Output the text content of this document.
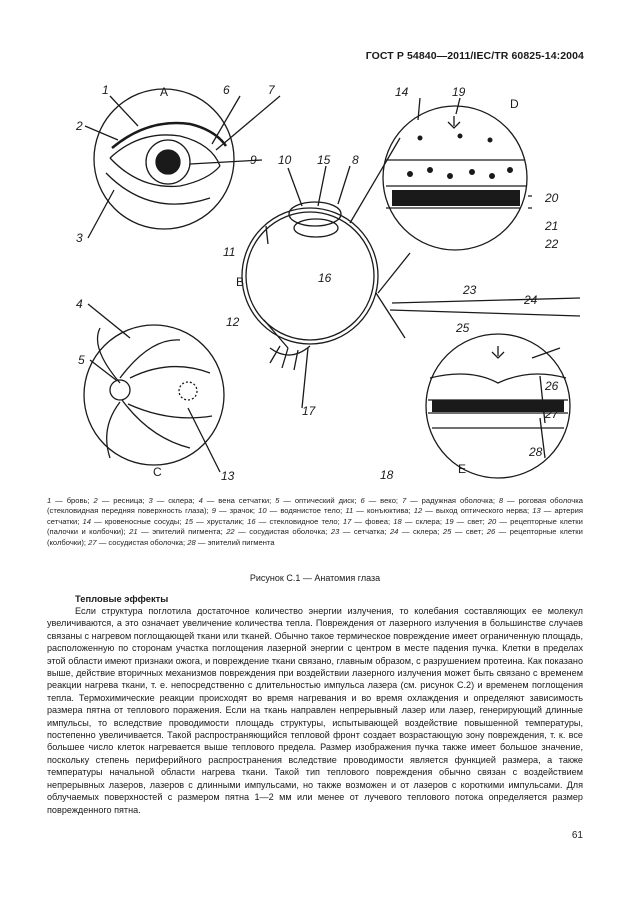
ГОСТ Р 54840—2011/IEC/TR 60825-14:2004
A
B
C
D
E
1
2
3
4
5
6	7
8
9 10
11
12
13
14
15
16
17
18
19
20
21
22
23
24
25
26
27
28
1 — бровь; 2 — ресница; 3 — склера; 4 — вена сетчатки; 5 — оптический диск; 6 — веко; 7 — радужная оболочка; 8 — роговая оболочка (стекловидная передняя поверхность глаза); 9 — зрачок; 10 — водянистое тело; 11 — конъюктива; 12 — выход оптического нерва; 13 — артерия сетчатки; 14 — кровеносные сосуды; 15 — хрусталик; 16 — стекловидное тело; 17 — фовеа; 18 — склера; 19 — свет; 20 — рецепторные клетки (палочки и колбочки); 21 — эпителий пигмента; 22 — сосудистая оболочка; 23 — сетчатка; 24 — склера; 25 — свет; 26 — рецепторные клетки (колбочки); 27 — сосудистая оболочка; 28 — эпителий пигмента
Рисунок С.1 — Анатомия глаза
Тепловые эффекты
Если структура поглотила достаточное количество энергии излучения, то колебания составляющих ее молекул увеличиваются, а это означает увеличение количества тепла. Повреждения от лазерного излучения в большинстве случаев связаны с нагревом поглощающей ткани или тканей. Обычно такое термическое повреждение имеет ограниченную площадь, расположенную по сторонам участка поглощения лазерной энергии с центром в месте падения пучка. Клетки в пределах этой области имеют признаки ожога, и повреждение ткани связано, главным образом, с разрушением протеина. Как показано выше, действие вторичных механизмов повреждения при воздействии лазерного излучения может быть связано с временем реакции нагрева ткани, т. е. непосредственно с длительностью импульса лазера (см. рисунок С.2) и временем поглощения тепла. Термохимические реакции происходят во время нагревания и во время охлаждения и определяют зависимость размера пятна от теплового поражения. Если на ткань направлен непрерывный лазер или лазер, генерирующий длинные импульсы, то вследствие проводимости площадь структуры, испытывающей воздействие повышенной температуры, постепенно увеличивается. Такой распространяющийся тепловой фронт создает возрастающую зону повреждения, т. к. все большее число клеток нагревается выше теплового предела. Размер изображения пучка также имеет большое значение, поскольку степень периферийного распространения вследствие проводимости является функцией размера, а также температуры начальной области нагрева ткани. Такой тип теплового повреждения обычно связан с воздействием непрерывных лазеров, лазеров с длинными импульсами, но также возможен и от лазеров с короткими импульсами. Для облучаемых поверхностей с размером пятна 1—2 мм или менее от лучевого теплового потока определяется размер поврежденного пятна.
61
